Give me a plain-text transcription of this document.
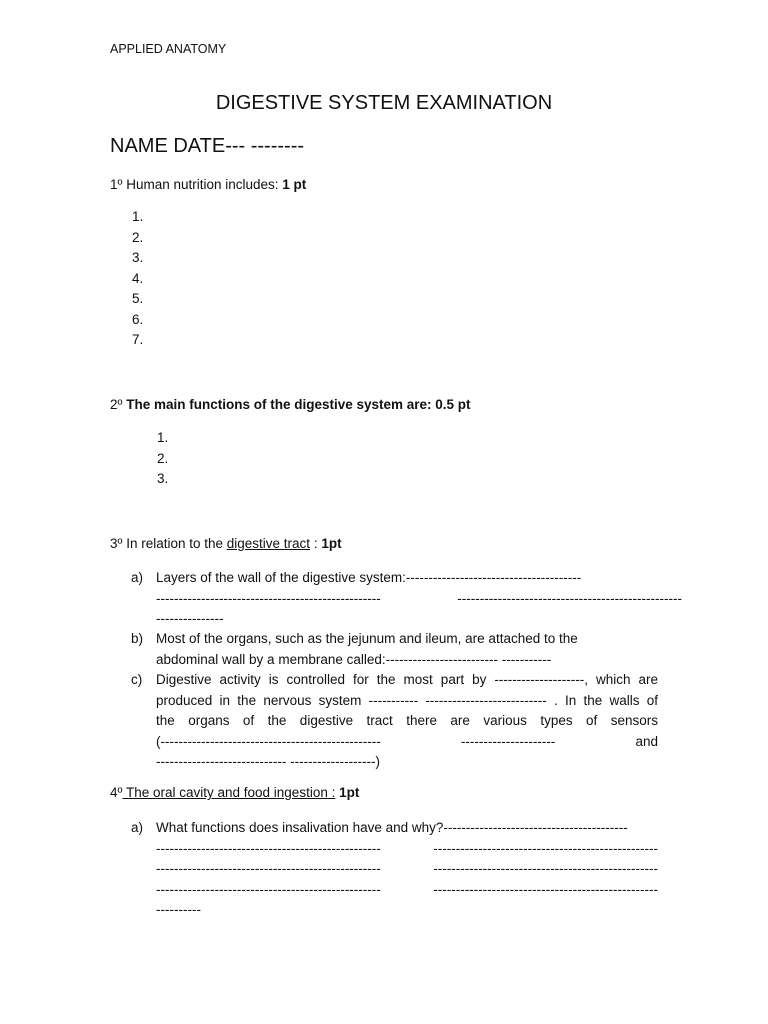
APPLIED ANATOMY
DIGESTIVE SYSTEM EXAMINATION
NAME DATE--- --------
1º Human nutrition includes: 1 pt
1.
2.
3.
4.
5.
6.
7.
2º The main functions of the digestive system are: 0.5 pt
1.
2.
3.
3º In relation to the digestive tract : 1pt
a) Layers of the wall of the digestive system:---------------------------------------
--------------------------------------------------	--------------------------------------------------
---------------
b) Most of the organs, such as the jejunum and ileum, are attached to the
abdominal wall by a membrane called:------------------------- -----------
c) Digestive activity is controlled for the most part by --------------------, which are
produced in the nervous system ----------- --------------------------- . In the walls of
the organs of the digestive tract there are various types of sensors
(-------------------------------------------------	---------------------	and
----------------------------- -------------------)
4º The oral cavity and food ingestion : 1pt
a) What functions does insalivation have and why?-----------------------------------------
--------------------------------------------------	--------------------------------------------------
--------------------------------------------------	--------------------------------------------------
--------------------------------------------------	--------------------------------------------------
----------
